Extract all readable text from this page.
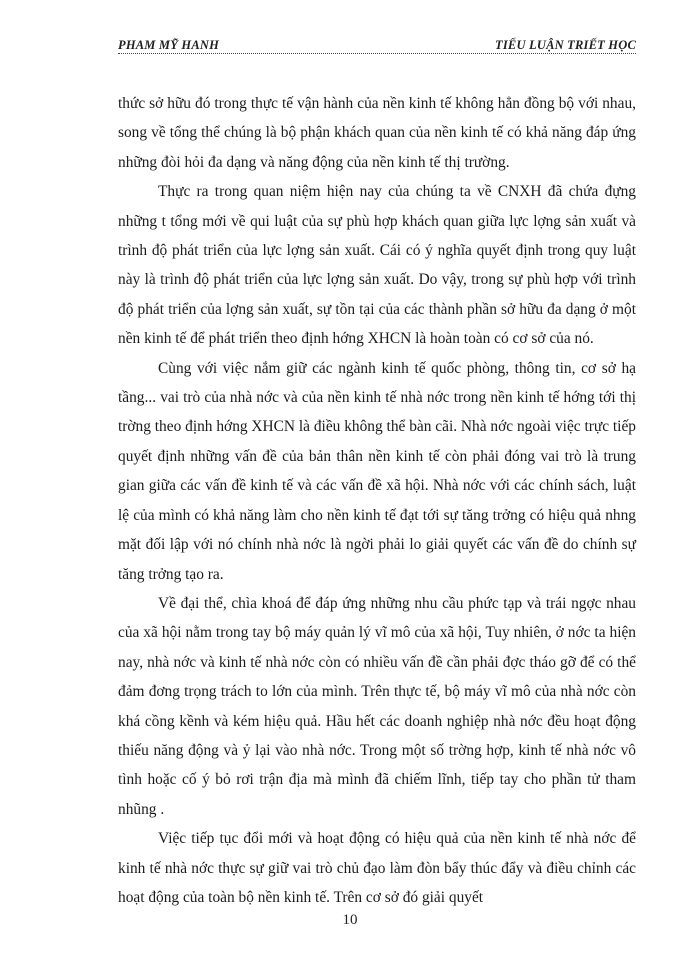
PHAM MỸ HANH	TIỂU LUẬN TRIẾT HỌC

thức sở hữu đó trong thực tế vận hành của nền kinh tế không hẳn đồng bộ với nhau, song về tổng thể chúng là bộ phận khách quan của nền kinh tế có khả năng đáp ứng những đòi hỏi đa dạng và năng động của nền kinh tế thị trường.

Thực ra trong quan niệm hiện nay của chúng ta về CNXH đã chứa đựng những t tổng mới về qui luật của sự phù hợp khách quan giữa lực lợng sản xuất và trình độ phát triển của lực lợng sản xuất. Cái có ý nghĩa quyết định trong quy luật này là trình độ phát triển của lực lợng sản xuất. Do vậy, trong sự phù hợp với trình độ phát triển của lợng sản xuất, sự tồn tại của các thành phần sở hữu đa dạng ở một nền kinh tế để phát triển theo định hớng XHCN là hoàn toàn có cơ sở của nó.

Cùng với việc nắm giữ các ngành kinh tế quốc phòng, thông tin, cơ sở hạ tầng... vai trò của nhà nớc và của nền kinh tế nhà nớc trong nền kinh tế hớng tới thị trờng theo định hớng XHCN là điều không thể bàn cãi. Nhà nớc ngoài việc trực tiếp quyết định những vấn đề của bản thân nền kinh tế còn phải đóng vai trò là trung gian giữa các vấn đề kinh tế và các vấn đề xã hội. Nhà nớc với các chính sách, luật lệ của mình có khả năng làm cho nền kinh tế đạt tới sự tăng trởng có hiệu quả nhng mặt đối lập với nó chính nhà nớc là ngời phải lo giải quyết các vấn đề do chính sự tăng trởng tạo ra.

Về đại thể, chìa khoá để đáp ứng những nhu cầu phức tạp và trái ngợc nhau của xã hội nằm trong tay bộ máy quản lý vĩ mô của xã hội, Tuy nhiên, ở nớc ta hiện nay, nhà nớc và kinh tế nhà nớc còn có nhiều vấn đề cần phải đợc tháo gỡ để có thể đảm đơng trọng trách to lớn của mình. Trên thực tế, bộ máy vĩ mô của nhà nớc còn khá cồng kềnh và kém hiệu quả. Hầu hết các doanh nghiệp nhà nớc đều hoạt động thiếu năng động và ỷ lại vào nhà nớc. Trong một số trờng hợp, kinh tế nhà nớc vô tình hoặc cố ý bỏ rơi trận địa mà mình đã chiếm lĩnh, tiếp tay cho phần tử tham nhũng .

Việc tiếp tục đổi mới và hoạt động có hiệu quả của nền kinh tế nhà nớc để kinh tế nhà nớc thực sự giữ vai trò chủ đạo làm đòn bẩy thúc đẩy và điều chỉnh các hoạt động của toàn bộ nền kinh tế. Trên cơ sở đó giải quyết

10
